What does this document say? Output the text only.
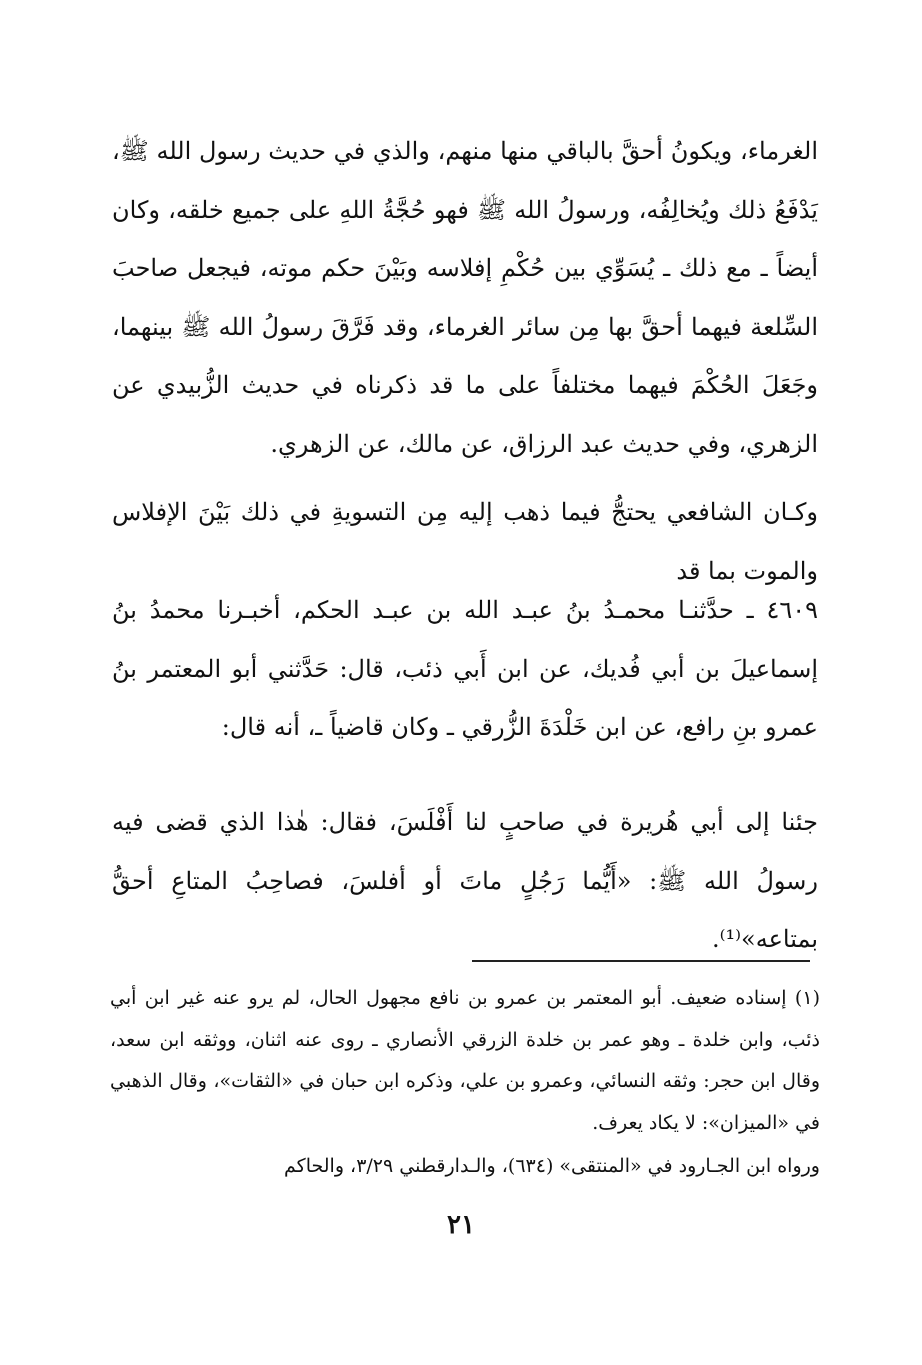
الغرماء، ويكونُ أحقَّ بالباقي منها منهم، والذي في حديث رسول الله ﷺ، يَدْفَعُ ذلك ويُخالِفُه، ورسولُ الله ﷺ فهو حُجَّةُ اللهِ على جميع خلقه، وكان أيضاً ـ مع ذلك ـ يُسَوِّي بين حُكْمِ إفلاسه وبَيْنَ حكم موته، فيجعل صاحبَ السِّلعة فيهما أحقَّ بها مِن سائر الغرماء، وقد فَرَّقَ رسولُ الله ﷺ بينهما، وجَعَلَ الحُكْمَ فيهما مختلفاً على ما قد ذكرناه في حديث الزُّبيدي عن الزهري، وفي حديث عبد الرزاق، عن مالك، عن الزهري.

وكـان الشافعي يحتجُّ فيما ذهب إليه مِن التسويةِ في ذلك بَيْنَ الإفلاس والموت بما قد

٤٦٠٩ ـ حدَّثنـا محمـدُ بنُ عبـد الله بن عبـد الحكم، أخبـرنا محمدُ بنُ إسماعيلَ بن أبي فُديك، عن ابن أَبي ذئب، قال: حَدَّثني أبو المعتمر بنُ عمرو بنِ رافع، عن ابن خَلْدَةَ الزُّرقي ـ وكان قاضياً ـ، أنه قال:

جئنا إلى أبي هُريرة في صاحبٍ لنا أَفْلَسَ، فقال: هٰذا الذي قضى فيه رسولُ الله ﷺ: «أَيُّما رَجُلٍ ماتَ أو أفلسَ، فصاحِبُ المتاعِ أحقُّ بمتاعه»⁽¹⁾.

(١) إسناده ضعيف. أبو المعتمر بن عمرو بن نافع مجهول الحال، لم يرو عنه غير ابن أبي ذئب، وابن خلدة ـ وهو عمر بن خلدة الزرقي الأنصاري ـ روى عنه اثنان، ووثقه ابن سعد، وقال ابن حجر: وثقه النسائي، وعمرو بن علي، وذكره ابن حبان في «الثقات»، وقال الذهبي في «الميزان»: لا يكاد يعرف.

ورواه ابن الجـارود في «المنتقى» (٦٣٤)، والـدارقطني ٣/٢٩، والحاكم

٢١
